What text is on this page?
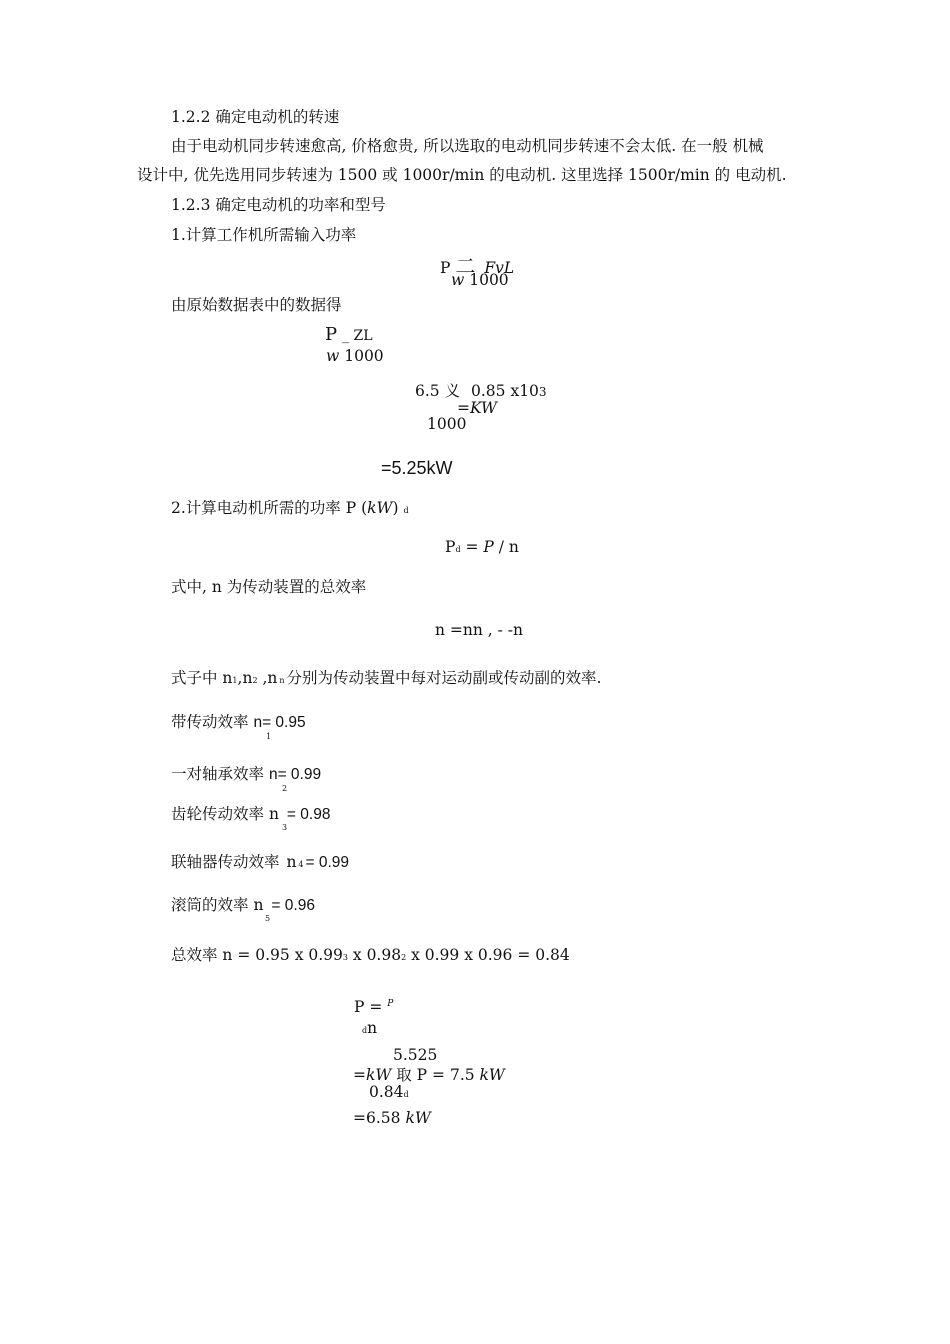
1.2.2 确定电动机的转速
由于电动机同步转速愈高, 价格愈贵, 所以选取的电动机同步转速不会太低. 在一般 机械
设计中, 优先选用同步转速为 1500 或 1000r/min 的电动机. 这里选择 1500r/min 的 电动机.
1.2.3 确定电动机的功率和型号
1.计算工作机所需输入功率
P 二 FvL
w 1000
由原始数据表中的数据得
P _ ZL
w 1000
6.5 义 0.85 x103
=KW
1000
=5.25kW
2.计算电动机所需的功率 P (kW) d
Pd = P / n
式中, n 为传动装置的总效率
n =nn , - -n
式子中 n1,n2 ,n n 分别为传动装置中每对运动副或传动副的效率.
带传动效率 n= 0.95
1
一对轴承效率 n= 0.99
2
齿轮传动效率 n = 0.98
3
联轴器传动效率 n 4 = 0.99
滚筒的效率 n = 0.96
5
总效率 n = 0.95 x 0.993 x 0.982 x 0.99 x 0.96 = 0.84
P = $^P$
dn
5.525
=kW 取 P = 7.5 kW
0.84d
=6.58 kW
